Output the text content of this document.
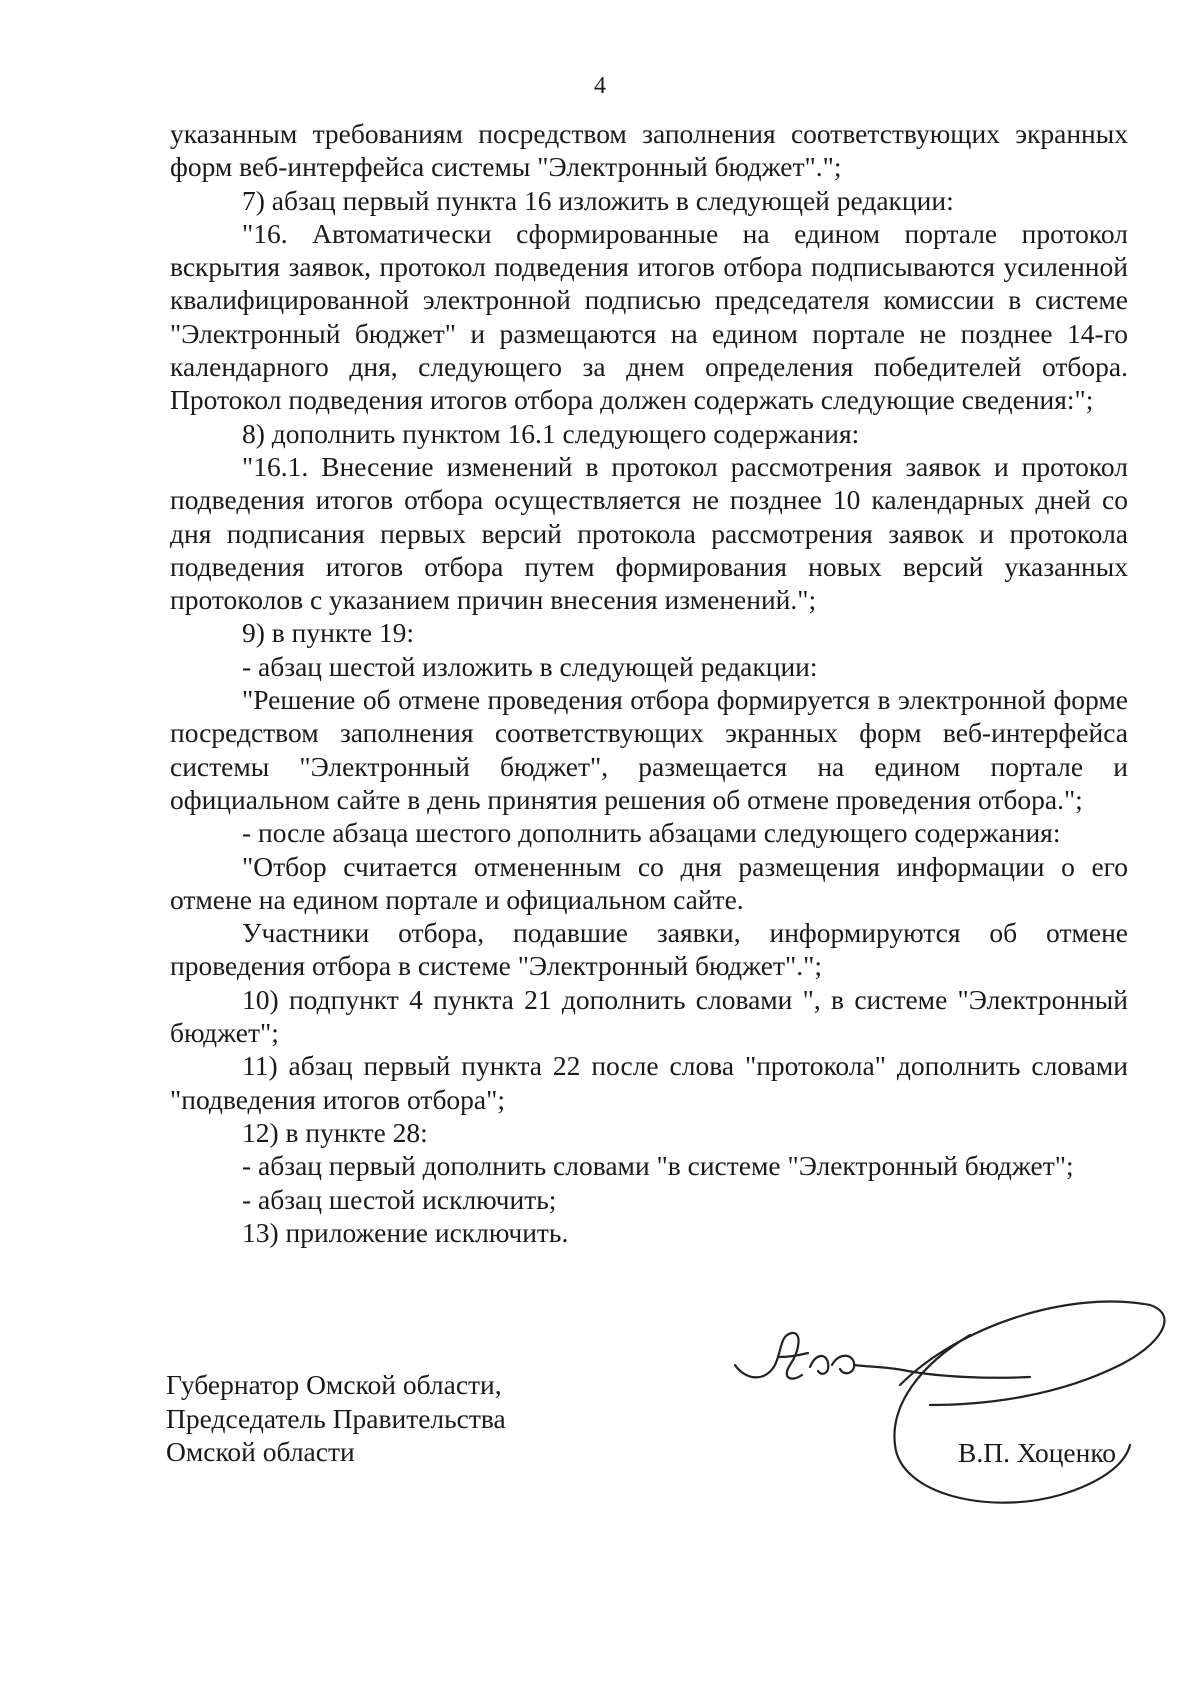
4

указанным требованиям посредством заполнения соответствующих экранных форм веб-интерфейса системы "Электронный бюджет".";

7) абзац первый пункта 16 изложить в следующей редакции:

"16. Автоматически сформированные на едином портале протокол вскрытия заявок, протокол подведения итогов отбора подписываются усиленной квалифицированной электронной подписью председателя комиссии в системе "Электронный бюджет" и размещаются на едином портале не позднее 14-го календарного дня, следующего за днем определения победителей отбора. Протокол подведения итогов отбора должен содержать следующие сведения:";

8) дополнить пунктом 16.1 следующего содержания:

"16.1. Внесение изменений в протокол рассмотрения заявок и протокол подведения итогов отбора осуществляется не позднее 10 календарных дней со дня подписания первых версий протокола рассмотрения заявок и протокола подведения итогов отбора путем формирования новых версий указанных протоколов с указанием причин внесения изменений.";

9) в пункте 19:

- абзац шестой изложить в следующей редакции:

"Решение об отмене проведения отбора формируется в электронной форме посредством заполнения соответствующих экранных форм веб-интерфейса системы "Электронный бюджет", размещается на едином портале и официальном сайте в день принятия решения об отмене проведения отбора.";

- после абзаца шестого дополнить абзацами следующего содержания:

"Отбор считается отмененным со дня размещения информации о его отмене на едином портале и официальном сайте.

Участники отбора, подавшие заявки, информируются об отмене проведения отбора в системе "Электронный бюджет".";

10) подпункт 4 пункта 21 дополнить словами ", в системе "Электронный бюджет";

11) абзац первый пункта 22 после слова "протокола" дополнить словами "подведения итогов отбора";

12) в пункте 28:

- абзац первый дополнить словами "в системе "Электронный бюджет";

- абзац шестой исключить;

13) приложение исключить.

Губернатор Омской области,
Председатель Правительства
Омской области	В.П. Хоценко
